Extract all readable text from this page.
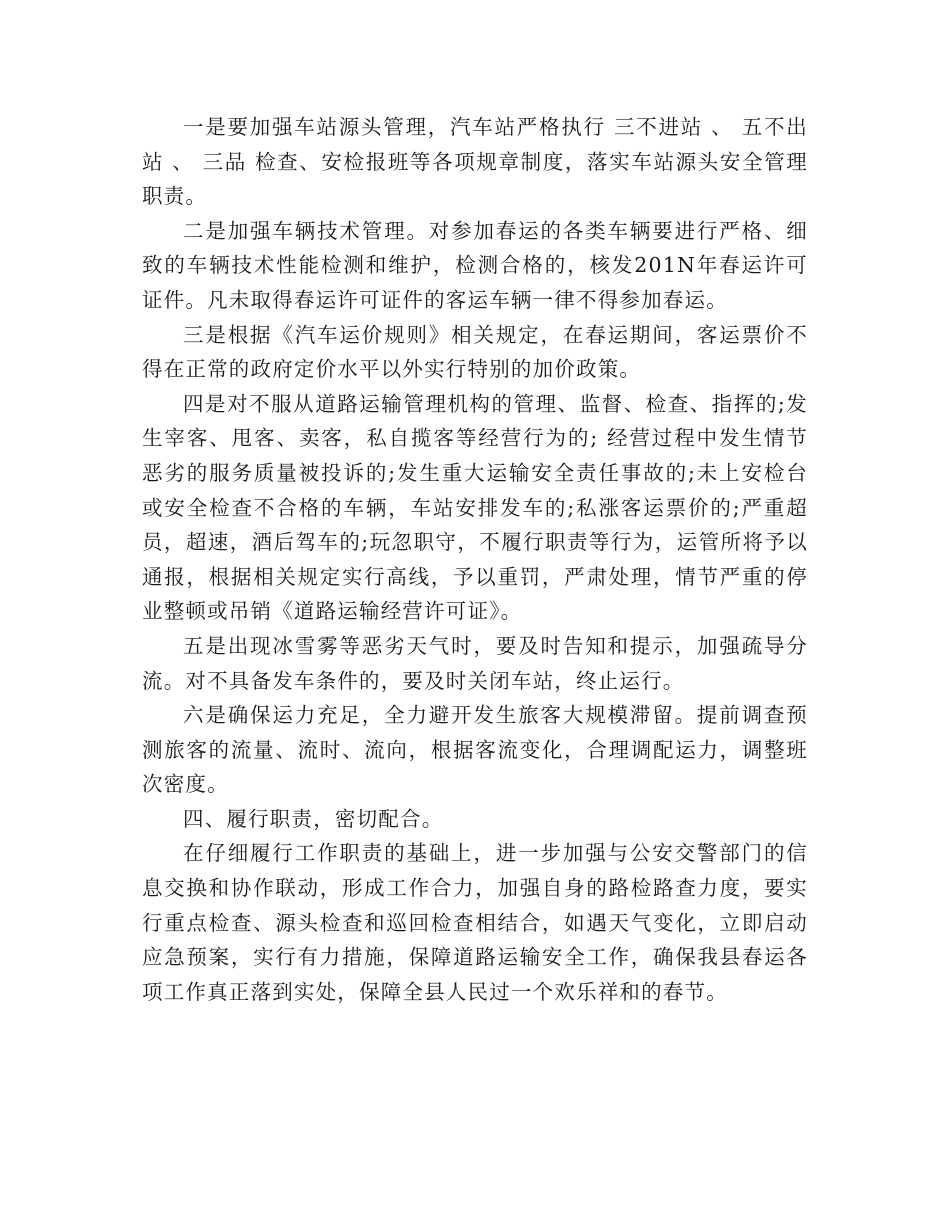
一是要加强车站源头管理，汽车站严格执行 三不进站 、 五不出站 、 三品 检查、安检报班等各项规章制度，落实车站源头安全管理职责。

二是加强车辆技术管理。对参加春运的各类车辆要进行严格、细致的车辆技术性能检测和维护，检测合格的，核发201N年春运许可证件。凡未取得春运许可证件的客运车辆一律不得参加春运。

三是根据《汽车运价规则》相关规定，在春运期间，客运票价不得在正常的政府定价水平以外实行特别的加价政策。

四是对不服从道路运输管理机构的管理、监督、检查、指挥的;发生宰客、甩客、卖客，私自揽客等经营行为的; 经营过程中发生情节恶劣的服务质量被投诉的;发生重大运输安全责任事故的;未上安检台或安全检查不合格的车辆，车站安排发车的;私涨客运票价的;严重超员，超速，酒后驾车的;玩忽职守，不履行职责等行为，运管所将予以通报，根据相关规定实行高线，予以重罚，严肃处理，情节严重的停业整顿或吊销《道路运输经营许可证》。

五是出现冰雪雾等恶劣天气时，要及时告知和提示，加强疏导分流。对不具备发车条件的，要及时关闭车站，终止运行。

六是确保运力充足，全力避开发生旅客大规模滞留。提前调查预测旅客的流量、流时、流向，根据客流变化，合理调配运力，调整班次密度。

四、履行职责，密切配合。

在仔细履行工作职责的基础上，进一步加强与公安交警部门的信息交换和协作联动，形成工作合力，加强自身的路检路查力度，要实行重点检查、源头检查和巡回检查相结合，如遇天气变化，立即启动应急预案，实行有力措施，保障道路运输安全工作，确保我县春运各项工作真正落到实处，保障全县人民过一个欢乐祥和的春节。
